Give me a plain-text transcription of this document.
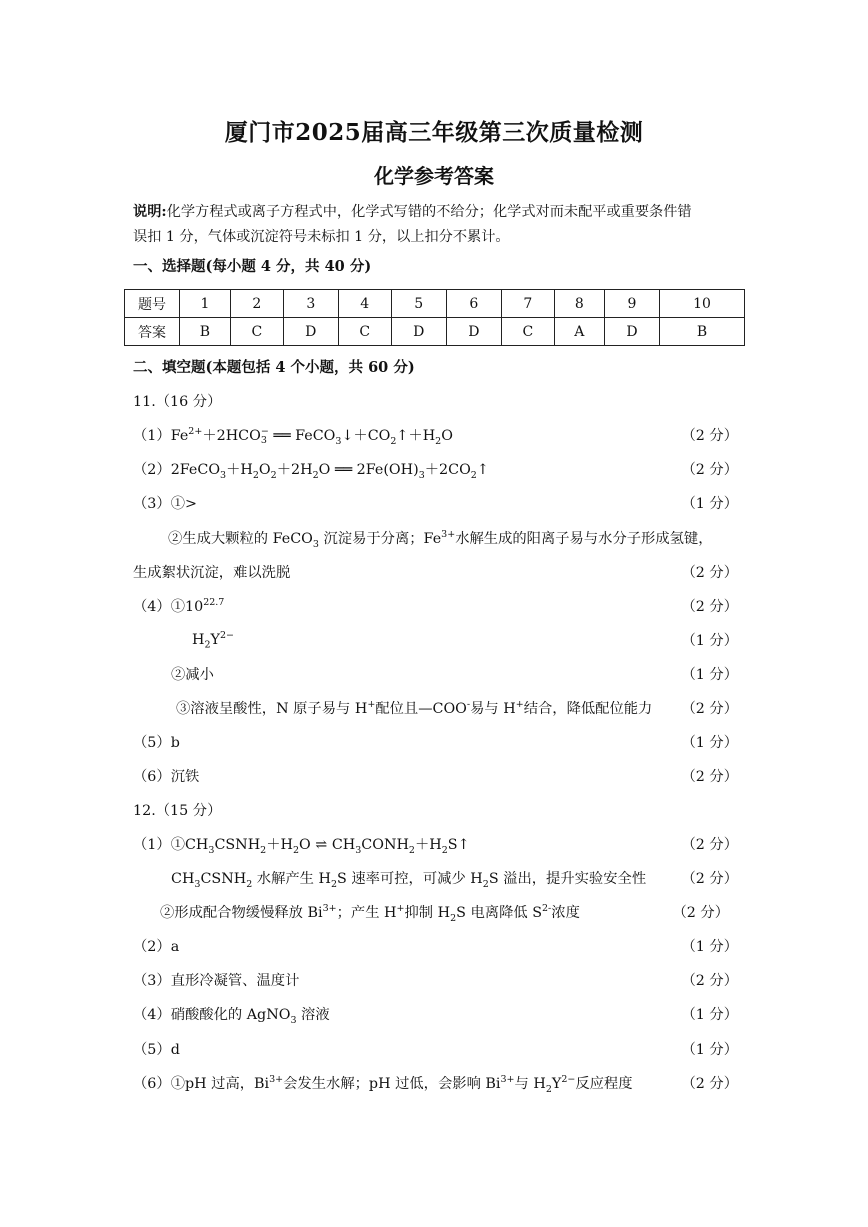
厦门市2025届高三年级第三次质量检测
化学参考答案
说明:化学方程式或离子方程式中，化学式写错的不给分；化学式对而未配平或重要条件错
误扣 1 分，气体或沉淀符号未标扣 1 分，以上扣分不累计。
一、选择题(每小题 4 分，共 40 分)
题号	1	2	3	4	5	6	7	8	9	10
答案	B	C	D	C	D	D	C	A	D	B
二、填空题(本题包括 4 个小题，共 60 分)
11.（16 分）
$(1)Fe^{2+}+2HCO$ −
3 ══ $FeCO_3↓+CO_2↑+H_2O$	（2 分）
$(2)2FeCO_3+H_2O_2+2H_2O$ ══ $2Fe(OH)_3+2CO_2↑$	（2 分）
（3）①>	（1 分）
②生成大颗粒的 FeCO$_3$ 沉淀易于分离；$Fe^{3+}$水解生成的阳离子易与水分子形成氢键，
生成絮状沉淀，难以洗脱	（2 分）
$(4)①10^{22.7}$	（2 分）
$H_2Y^{2-}$	（1 分）
②减小	（1 分）
③溶液呈酸性，N 原子易与 H+配位且—COO-易与 H+结合，降低配位能力 （2 分）
（5）b	（1 分）
（6）沉铁	（2 分）
12.（15 分）
$(1)①CH_3CSNH_2+H_2O$ ⇌ $CH_3CONH_2+H_2S↑$	（2 分）
$CH_3CSNH_2$ 水解产生 $H_2S$ 速率可控，可减少 $H_2S$ 溢出，提升实验安全性 （2 分）
②形成配合物缓慢释放 $Bi^{3+}$；产生 H+抑制 $H_2S$ 电离降低 $S^{2-}$浓度	（2 分）
（2）a	（1 分）
（3）直形冷凝管、温度计	（2 分）
（4）硝酸酸化的 AgNO$_3$ 溶液	（1 分）
（5）d	（1 分）
（6）①pH 过高，$Bi^{3+}$会发生水解；pH 过低，会影响 $Bi^{3+}$与 $H_2Y^{2-}$反应程度	（2 分）
